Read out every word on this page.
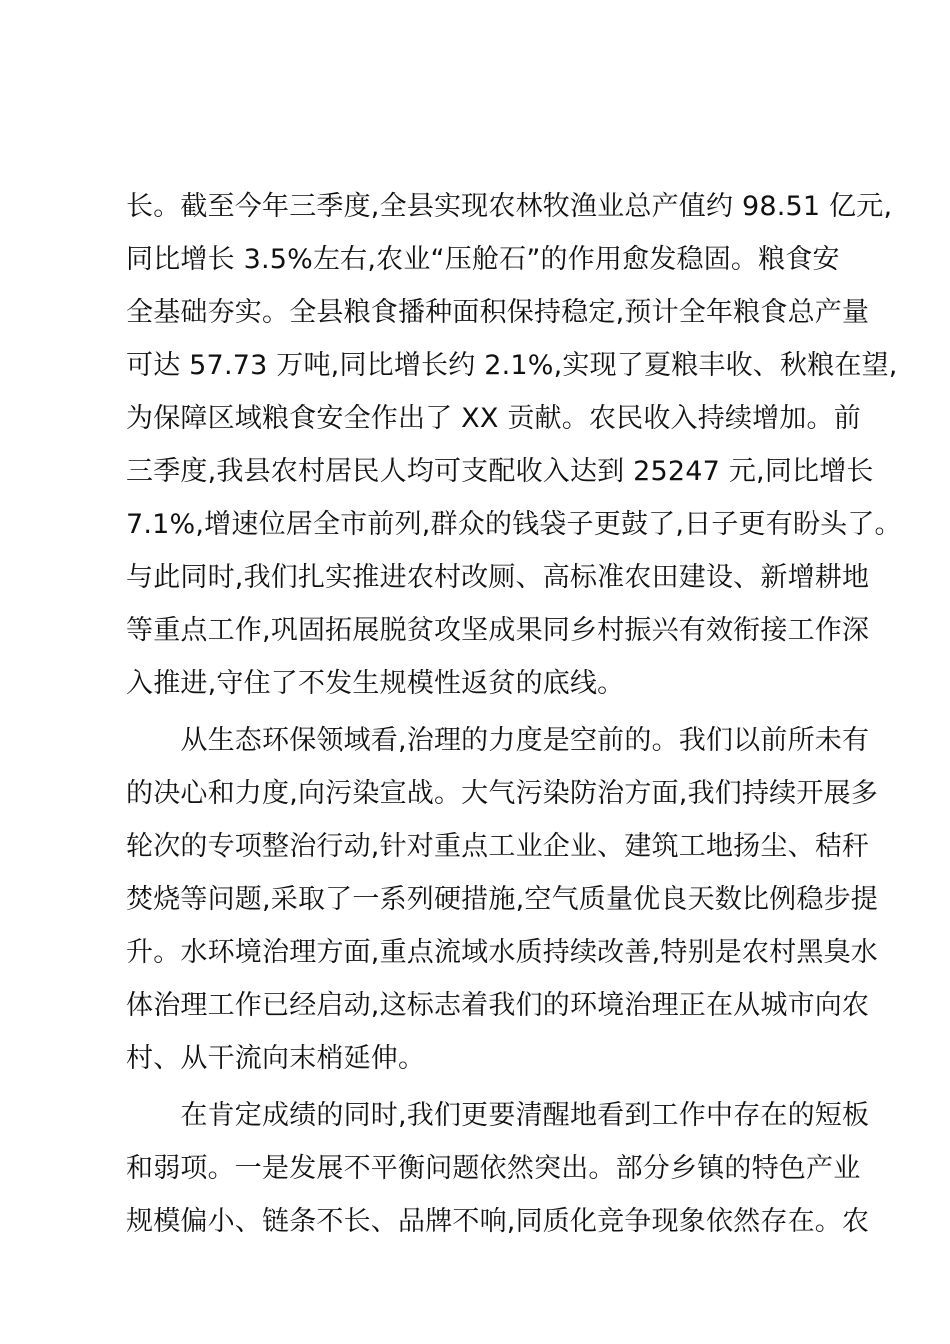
长。截至今年三季度,全县实现农林牧渔业总产值约 98.51 亿元,
同比增长 3.5%左右,农业“压舱石”的作用愈发稳固。粮食安
全基础夯实。全县粮食播种面积保持稳定,预计全年粮食总产量
可达 57.73 万吨,同比增长约 2.1%,实现了夏粮丰收、秋粮在望,
为保障区域粮食安全作出了 XX 贡献。农民收入持续增加。前
三季度,我县农村居民人均可支配收入达到 25247 元,同比增长
7.1%,增速位居全市前列,群众的钱袋子更鼓了,日子更有盼头了。
与此同时,我们扎实推进农村改厕、高标准农田建设、新增耕地
等重点工作,巩固拓展脱贫攻坚成果同乡村振兴有效衔接工作深
入推进,守住了不发生规模性返贫的底线。
　　从生态环保领域看,治理的力度是空前的。我们以前所未有
的决心和力度,向污染宣战。大气污染防治方面,我们持续开展多
轮次的专项整治行动,针对重点工业企业、建筑工地扬尘、秸秆
焚烧等问题,采取了一系列硬措施,空气质量优良天数比例稳步提
升。水环境治理方面,重点流域水质持续改善,特别是农村黑臭水
体治理工作已经启动,这标志着我们的环境治理正在从城市向农
村、从干流向末梢延伸。
　　在肯定成绩的同时,我们更要清醒地看到工作中存在的短板
和弱项。一是发展不平衡问题依然突出。部分乡镇的特色产业
规模偏小、链条不长、品牌不响,同质化竞争现象依然存在。农
